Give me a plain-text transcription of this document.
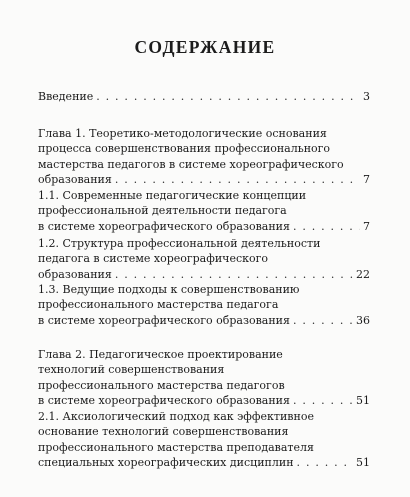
СОДЕРЖАНИЕ
Введение . . .	3
Глава 1. Теоретико-методологические основания
процесса совершенствования профессионального
мастерства педагогов в системе хореографического
образования . . .	7
1.1. Современные педагогические концепции
профессиональной деятельности педагога
в системе хореографического образования . . .	7
1.2. Структура профессиональной деятельности
педагога в системе хореографического
образования . . .	22
1.3. Ведущие подходы к совершенствованию
профессионального мастерства педагога
в системе хореографического образования . . .	36
Глава 2. Педагогическое проектирование
технологий совершенствования
профессионального мастерства педагогов
в системе хореографического образования . . .	51
2.1. Аксиологический подход как эффективное
основание технологий совершенствования
профессионального мастерства преподавателя
специальных хореографических дисциплин . . .	51
